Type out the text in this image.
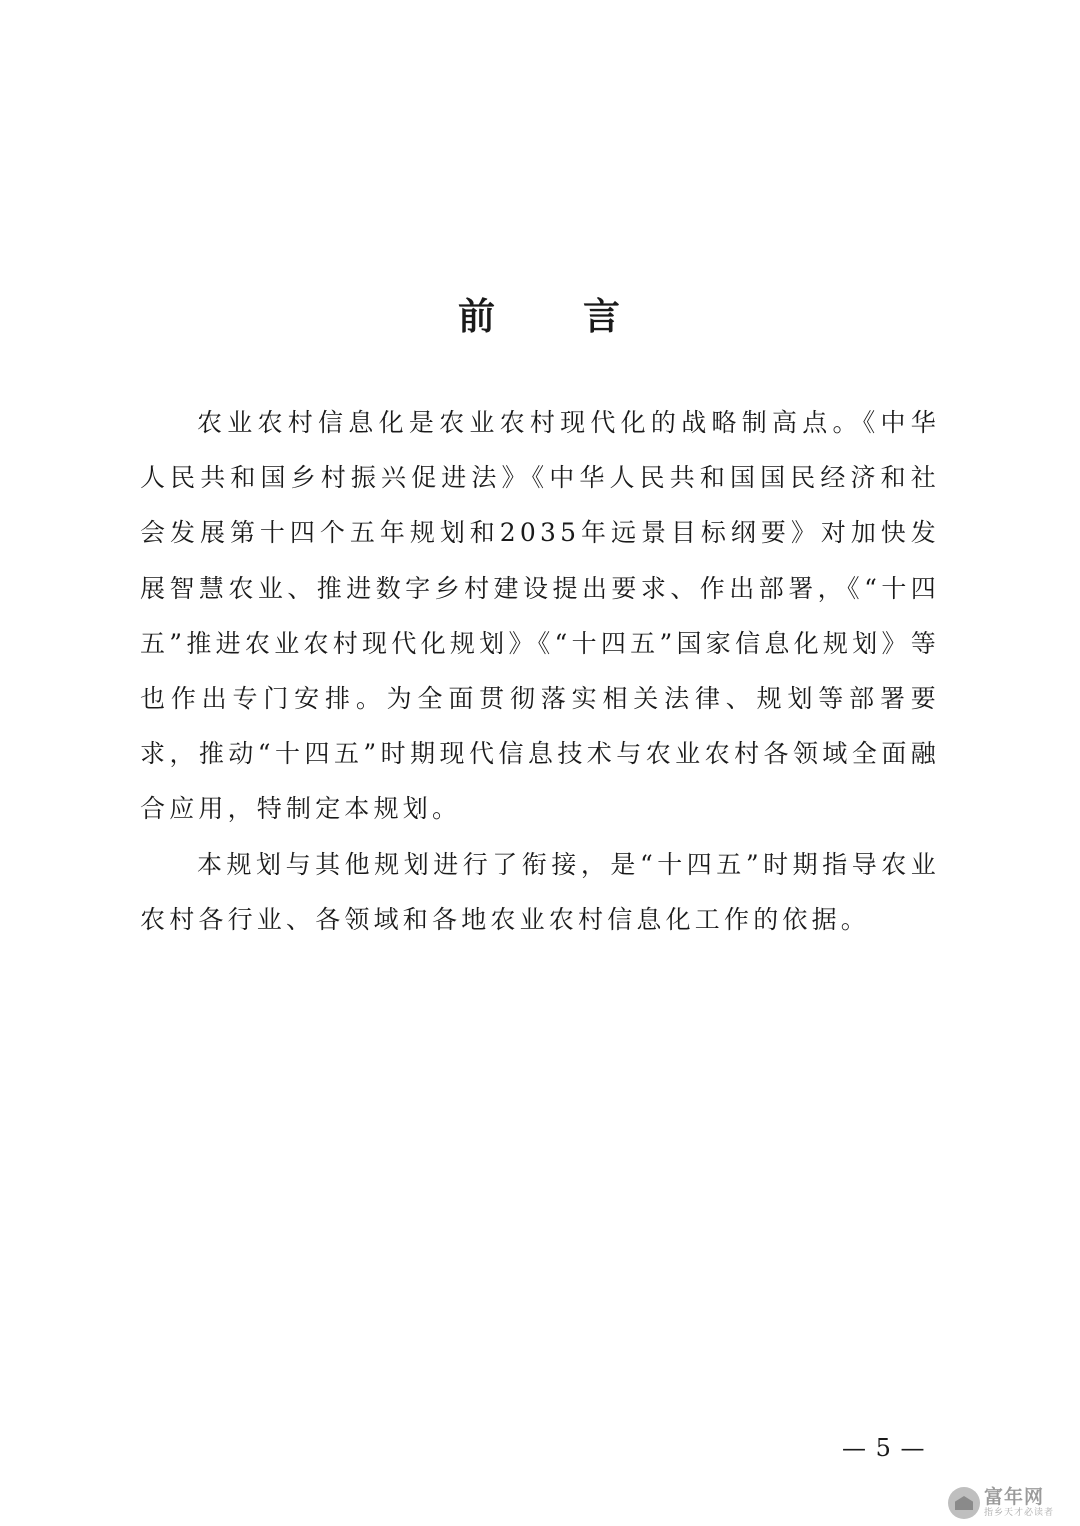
前 言

农业农村信息化是农业农村现代化的战略制高点。《中华人民共和国乡村振兴促进法》《中华人民共和国国民经济和社会发展第十四个五年规划和2035年远景目标纲要》对加快发展智慧农业、推进数字乡村建设提出要求、作出部署，《“十四五”推进农业农村现代化规划》《“十四五”国家信息化规划》等也作出专门安排。为全面贯彻落实相关法律、规划等部署要求，推动“十四五”时期现代信息技术与农业农村各领域全面融合应用，特制定本规划。

本规划与其他规划进行了衔接，是“十四五”时期指导农业农村各行业、各领域和各地农业农村信息化工作的依据。

— 5 —
富年网
指乡天才必读者
